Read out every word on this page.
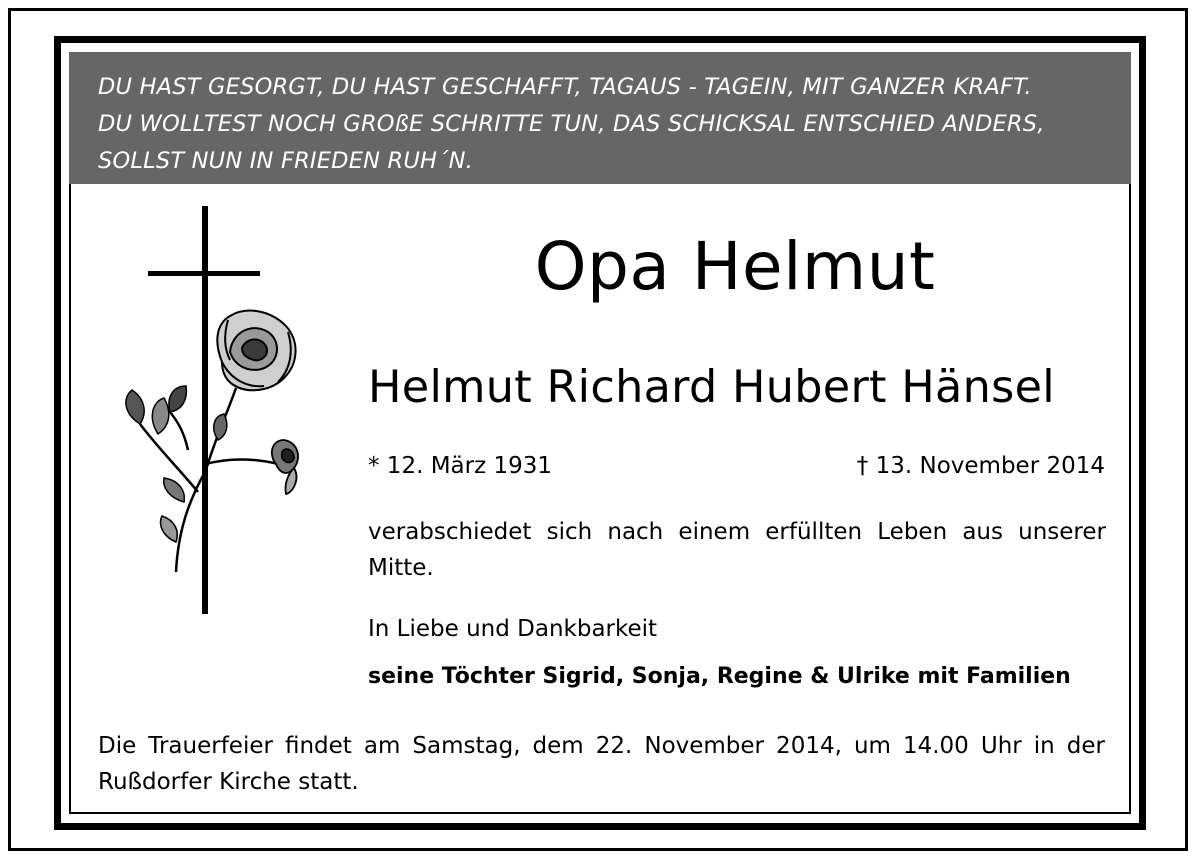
DU HAST GESORGT, DU HAST GESCHAFFT, TAGAUS - TAGEIN, MIT GANZER KRAFT.
DU WOLLTEST NOCH GROßE SCHRITTE TUN, DAS SCHICKSAL ENTSCHIED ANDERS,
SOLLST NUN IN FRIEDEN RUH´N.
Opa Helmut
Helmut Richard Hubert Hänsel
* 12. März 1931	† 13. November 2014
verabschiedet sich nach einem erfüllten Leben aus unserer Mitte.
In Liebe und Dankbarkeit
seine Töchter Sigrid, Sonja, Regine & Ulrike mit Familien
Die Trauerfeier findet am Samstag, dem 22. November 2014, um 14.00 Uhr in der Rußdorfer Kirche statt.
